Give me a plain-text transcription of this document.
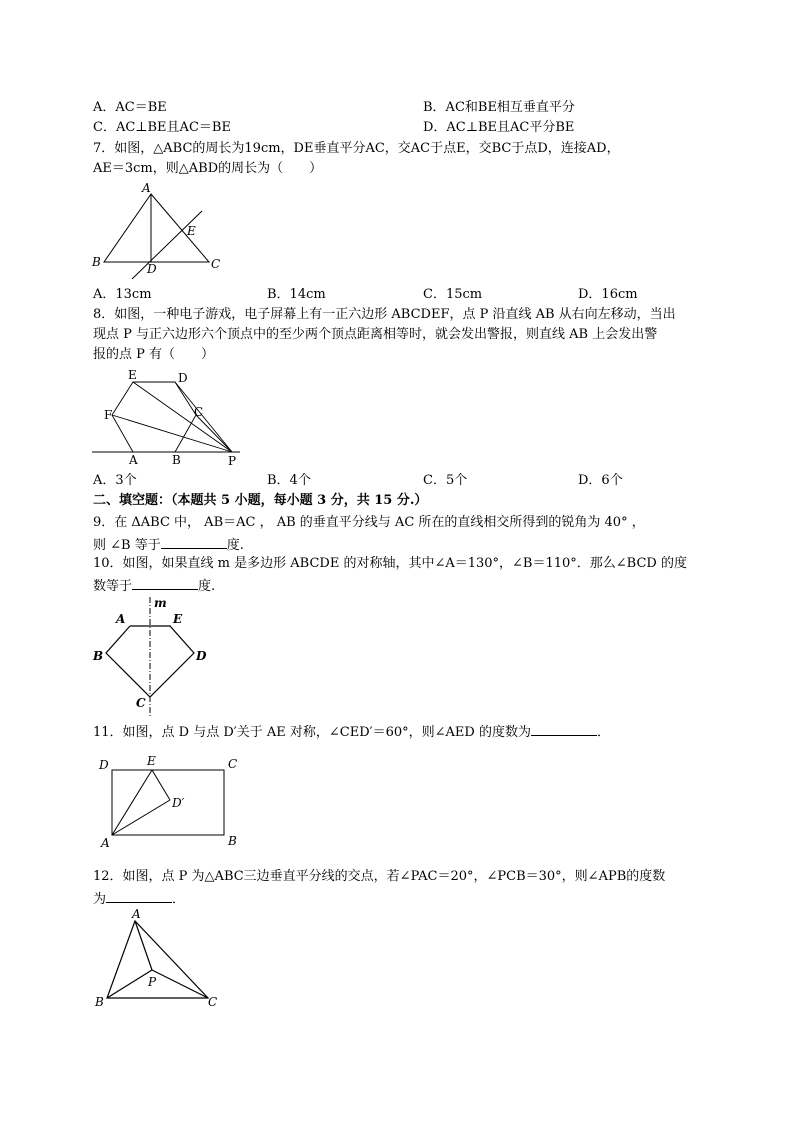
A．AC＝BE	B．AC和BE相互垂直平分
C．AC⊥BE且AC＝BE	D．AC⊥BE且AC平分BE
7．如图，△ABC的周长为19cm，DE垂直平分AC，交AC于点E，交BC于点D，连接AD，
AE＝3cm，则△ABD的周长为（　　）
A
B	C
D
E
A．13cm	B．14cm	C．15cm	D．16cm
8．如图，一种电子游戏，电子屏幕上有一正六边形 ABCDEF，点 P 沿直线 AB 从右向左移动，当出
现点 P 与正六边形六个顶点中的至少两个顶点距离相等时，就会发出警报，则直线 AB 上会发出警
报的点 P 有（　　）
E	D
F	C
A	B	P
A．3个	B．4个	C．5个	D．6个
二、填空题：（本题共 5 小题，每小题 3 分，共 15 分.）
9．在 ΔABC 中， AB＝AC ， AB 的垂直平分线与 AC 所在的直线相交所得到的锐角为 40° ，
则 ∠B 等于	度.
10．如图，如果直线 m 是多边形 ABCDE 的对称轴，其中∠A＝130°，∠B＝110°．那么∠BCD 的度
数等于	度.
m
A	E
B	D
C
11．如图，点 D 与点 D′关于 AE 对称，∠CED′＝60°，则∠AED 的度数为	．
D	E	C
D′
A	B
12．如图，点 P 为△ABC三边垂直平分线的交点，若∠PAC＝20°，∠PCB＝30°，则∠APB的度数
为	．
A
B	C
P
